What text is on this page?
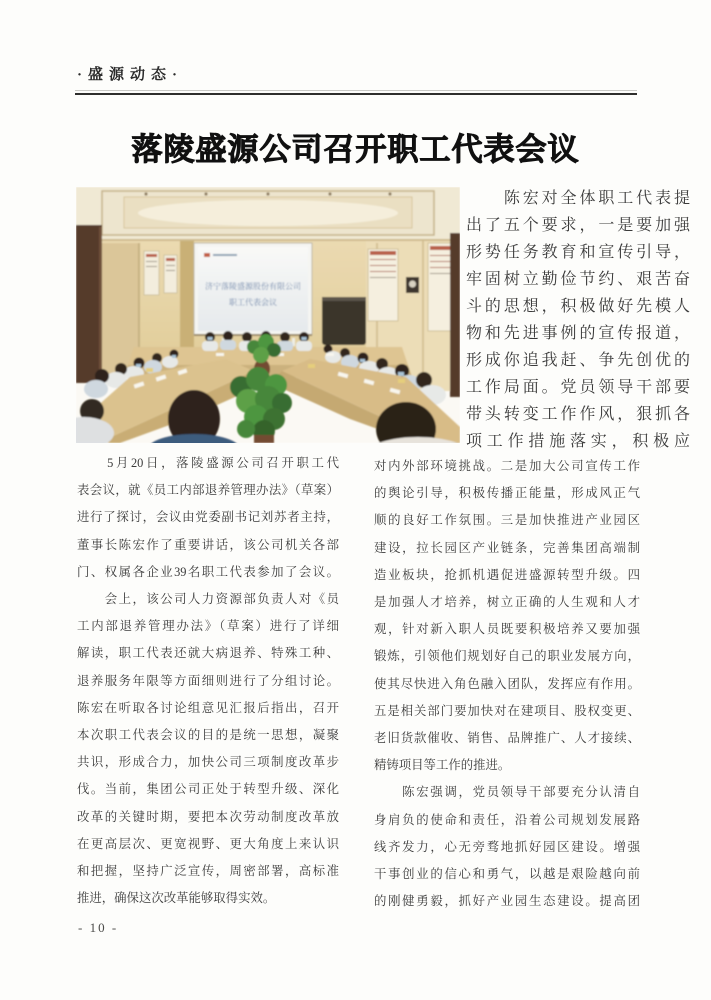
·盛源动态·
落陵盛源公司召开职工代表会议
济宁落陵盛源股份有限公司
职工代表会议
　　陈宏对全体职工代表提
出了五个要求，一是要加强
形势任务教育和宣传引导，
牢固树立勤俭节约、艰苦奋
斗的思想，积极做好先模人
物和先进事例的宣传报道，
形成你追我赶、争先创优的
工作局面。党员领导干部要
带头转变工作作风，狠抓各
项工作措施落实，积极应
对内外部环境挑战。二是加大公司宣传工作
的舆论引导，积极传播正能量，形成风正气
顺的良好工作氛围。三是加快推进产业园区
建设，拉长园区产业链条，完善集团高端制
造业板块，抢抓机遇促进盛源转型升级。四
是加强人才培养，树立正确的人生观和人才
观，针对新入职人员既要积极培养又要加强
锻炼，引领他们规划好自己的职业发展方向，
使其尽快进入角色融入团队，发挥应有作用。
五是相关部门要加快对在建项目、股权变更、
老旧货款催收、销售、品牌推广、人才接续、
精铸项目等工作的推进。
　　陈宏强调，党员领导干部要充分认清自
身肩负的使命和责任，沿着公司规划发展路
线齐发力，心无旁骛地抓好园区建设。增强
干事创业的信心和勇气，以越是艰险越向前
的刚健勇毅，抓好产业园生态建设。提高团
　　5月20日，落陵盛源公司召开职工代
表会议，就《员工内部退养管理办法》（草案）
进行了探讨，会议由党委副书记刘苏者主持，
董事长陈宏作了重要讲话，该公司机关各部
门、权属各企业39名职工代表参加了会议。
　　会上，该公司人力资源部负责人对《员
工内部退养管理办法》（草案）进行了详细
解读，职工代表还就大病退养、特殊工种、
退养服务年限等方面细则进行了分组讨论。
陈宏在听取各讨论组意见汇报后指出，召开
本次职工代表会议的目的是统一思想，凝聚
共识，形成合力，加快公司三项制度改革步
伐。当前，集团公司正处于转型升级、深化
改革的关键时期，要把本次劳动制度改革放
在更高层次、更宽视野、更大角度上来认识
和把握，坚持广泛宣传，周密部署，高标准
推进，确保这次改革能够取得实效。
- 10 -
